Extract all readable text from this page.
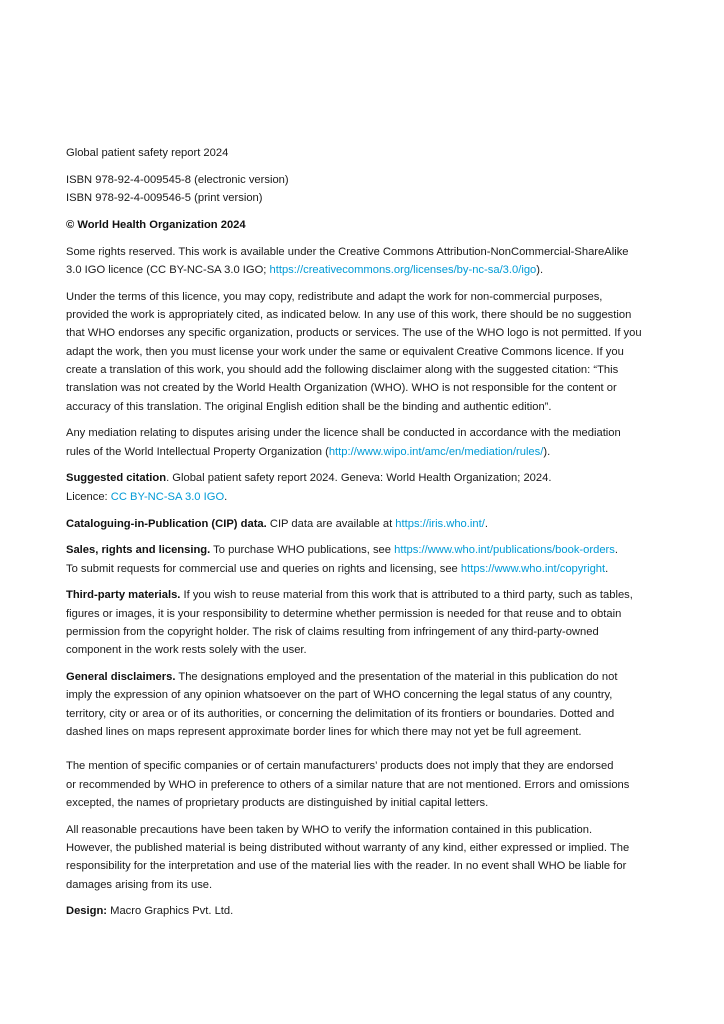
Global patient safety report 2024

ISBN 978-92-4-009545-8 (electronic version)
ISBN 978-92-4-009546-5 (print version)

© World Health Organization 2024

Some rights reserved. This work is available under the Creative Commons Attribution-NonCommercial-ShareAlike
3.0 IGO licence (CC BY-NC-SA 3.0 IGO; https://creativecommons.org/licenses/by-nc-sa/3.0/igo).

Under the terms of this licence, you may copy, redistribute and adapt the work for non-commercial purposes,
provided the work is appropriately cited, as indicated below. In any use of this work, there should be no suggestion
that WHO endorses any specific organization, products or services. The use of the WHO logo is not permitted. If you
adapt the work, then you must license your work under the same or equivalent Creative Commons licence. If you
create a translation of this work, you should add the following disclaimer along with the suggested citation: “This
translation was not created by the World Health Organization (WHO). WHO is not responsible for the content or
accuracy of this translation. The original English edition shall be the binding and authentic edition”.

Any mediation relating to disputes arising under the licence shall be conducted in accordance with the mediation
rules of the World Intellectual Property Organization (http://www.wipo.int/amc/en/mediation/rules/).

Suggested citation. Global patient safety report 2024. Geneva: World Health Organization; 2024.
Licence: CC BY-NC-SA 3.0 IGO.

Cataloguing-in-Publication (CIP) data. CIP data are available at https://iris.who.int/.

Sales, rights and licensing. To purchase WHO publications, see https://www.who.int/publications/book-orders.
To submit requests for commercial use and queries on rights and licensing, see https://www.who.int/copyright.

Third-party materials. If you wish to reuse material from this work that is attributed to a third party, such as tables,
figures or images, it is your responsibility to determine whether permission is needed for that reuse and to obtain
permission from the copyright holder. The risk of claims resulting from infringement of any third-party-owned
component in the work rests solely with the user.

General disclaimers. The designations employed and the presentation of the material in this publication do not
imply the expression of any opinion whatsoever on the part of WHO concerning the legal status of any country,
territory, city or area or of its authorities, or concerning the delimitation of its frontiers or boundaries. Dotted and
dashed lines on maps represent approximate border lines for which there may not yet be full agreement.

The mention of specific companies or of certain manufacturers’ products does not imply that they are endorsed
or recommended by WHO in preference to others of a similar nature that are not mentioned. Errors and omissions
excepted, the names of proprietary products are distinguished by initial capital letters.

All reasonable precautions have been taken by WHO to verify the information contained in this publication.
However, the published material is being distributed without warranty of any kind, either expressed or implied. The
responsibility for the interpretation and use of the material lies with the reader. In no event shall WHO be liable for
damages arising from its use.

Design: Macro Graphics Pvt. Ltd.
